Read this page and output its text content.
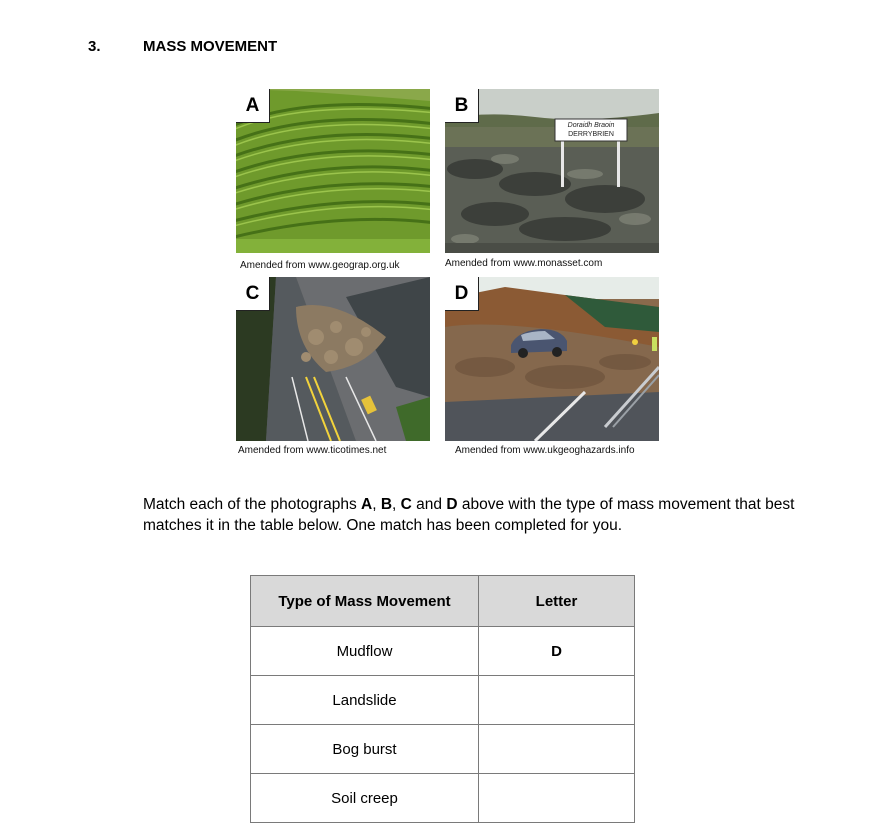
3.	MASS MOVEMENT
A
Amended from www.geograp.org.uk
Doraidh Braoin
DERRYBRIEN
B
Amended from www.monasset.com
C
Amended from www.ticotimes.net
D
Amended from www.ukgeoghazards.info
Match each of the photographs A, B, C and D above with the type of mass movement that best matches it in the table below. One match has been completed for you.
Type of Mass Movement	Letter
Mudflow	D
Landslide	
Bog burst	
Soil creep	
